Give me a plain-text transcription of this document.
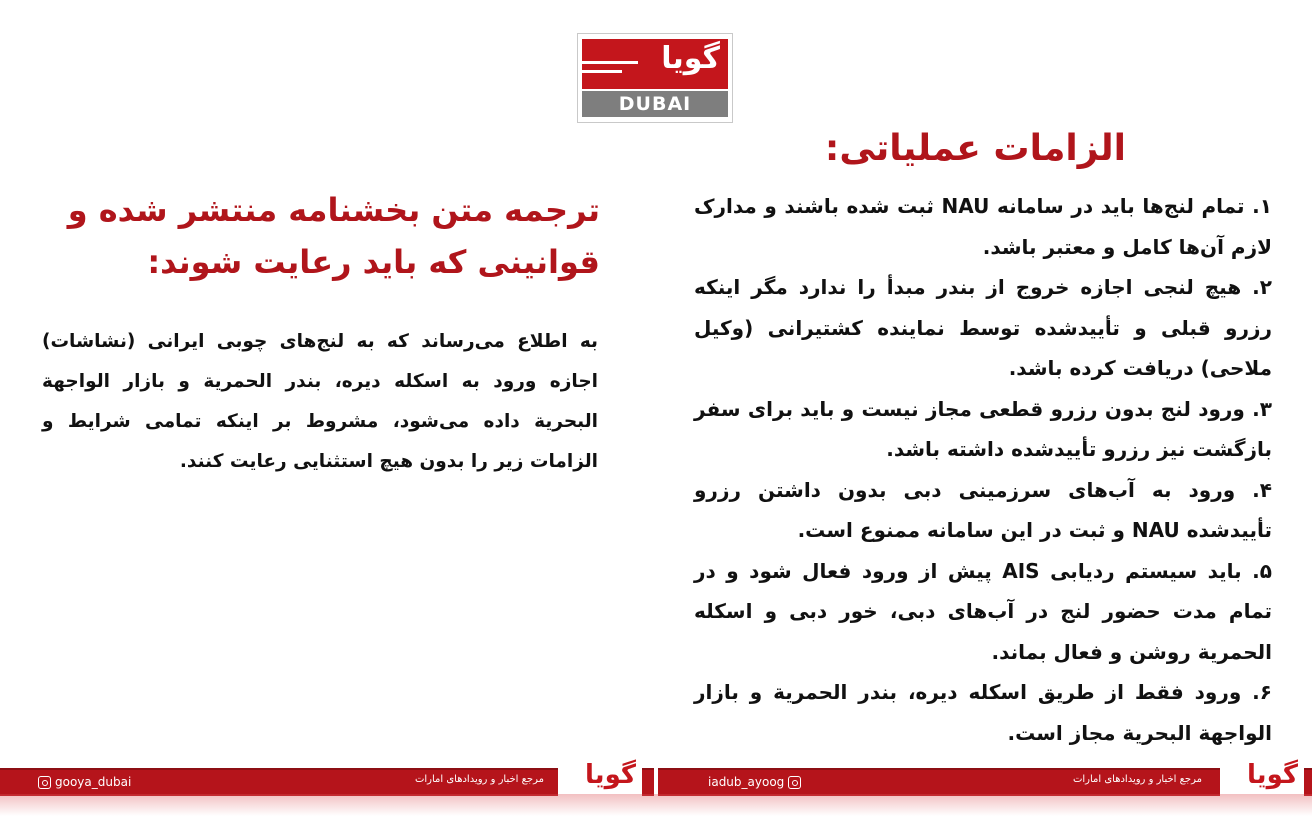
گویا
DUBAI
الزامات عملیاتی:
۱. تمام لنج‌ها باید در سامانه NAU ثبت شده باشند و مدارک لازم آن‌ها کامل و معتبر باشد.
۲. هیچ لنجی اجازه خروج از بندر مبدأ را ندارد مگر اینکه رزرو قبلی و تأییدشده توسط نماینده کشتیرانی (وکیل ملاحی) دریافت کرده باشد.
۳. ورود لنج بدون رزرو قطعی مجاز نیست و باید برای سفر بازگشت نیز رزرو تأییدشده داشته باشد.
۴. ورود به آب‌های سرزمینی دبی بدون داشتن رزرو تأییدشده NAU و ثبت در این سامانه ممنوع است.
۵. باید سیستم ردیابی AIS پیش از ورود فعال شود و در تمام مدت حضور لنج در آب‌های دبی، خور دبی و اسکله الحمرية روشن و فعال بماند.
۶. ورود فقط از طریق اسکله دیره، بندر الحمرية و بازار الواجهة البحرية مجاز است.
ترجمه متن بخشنامه منتشر شده و قوانینی که باید رعایت شوند:

به اطلاع می‌رساند که به لنج‌های چوبی ایرانی (نشاشات) اجازه ورود به اسکله دیره، بندر الحمرية و بازار الواجهة البحرية داده می‌شود، مشروط بر اینکه تمامی شرایط و الزامات زیر را بدون هیچ استثنایی رعایت کنند.

gooya_dubai	مرجع اخبار و رویدادهای امارات گویا	iadub_ayoog	مرجع اخبار و رویدادهای امارات گویا
